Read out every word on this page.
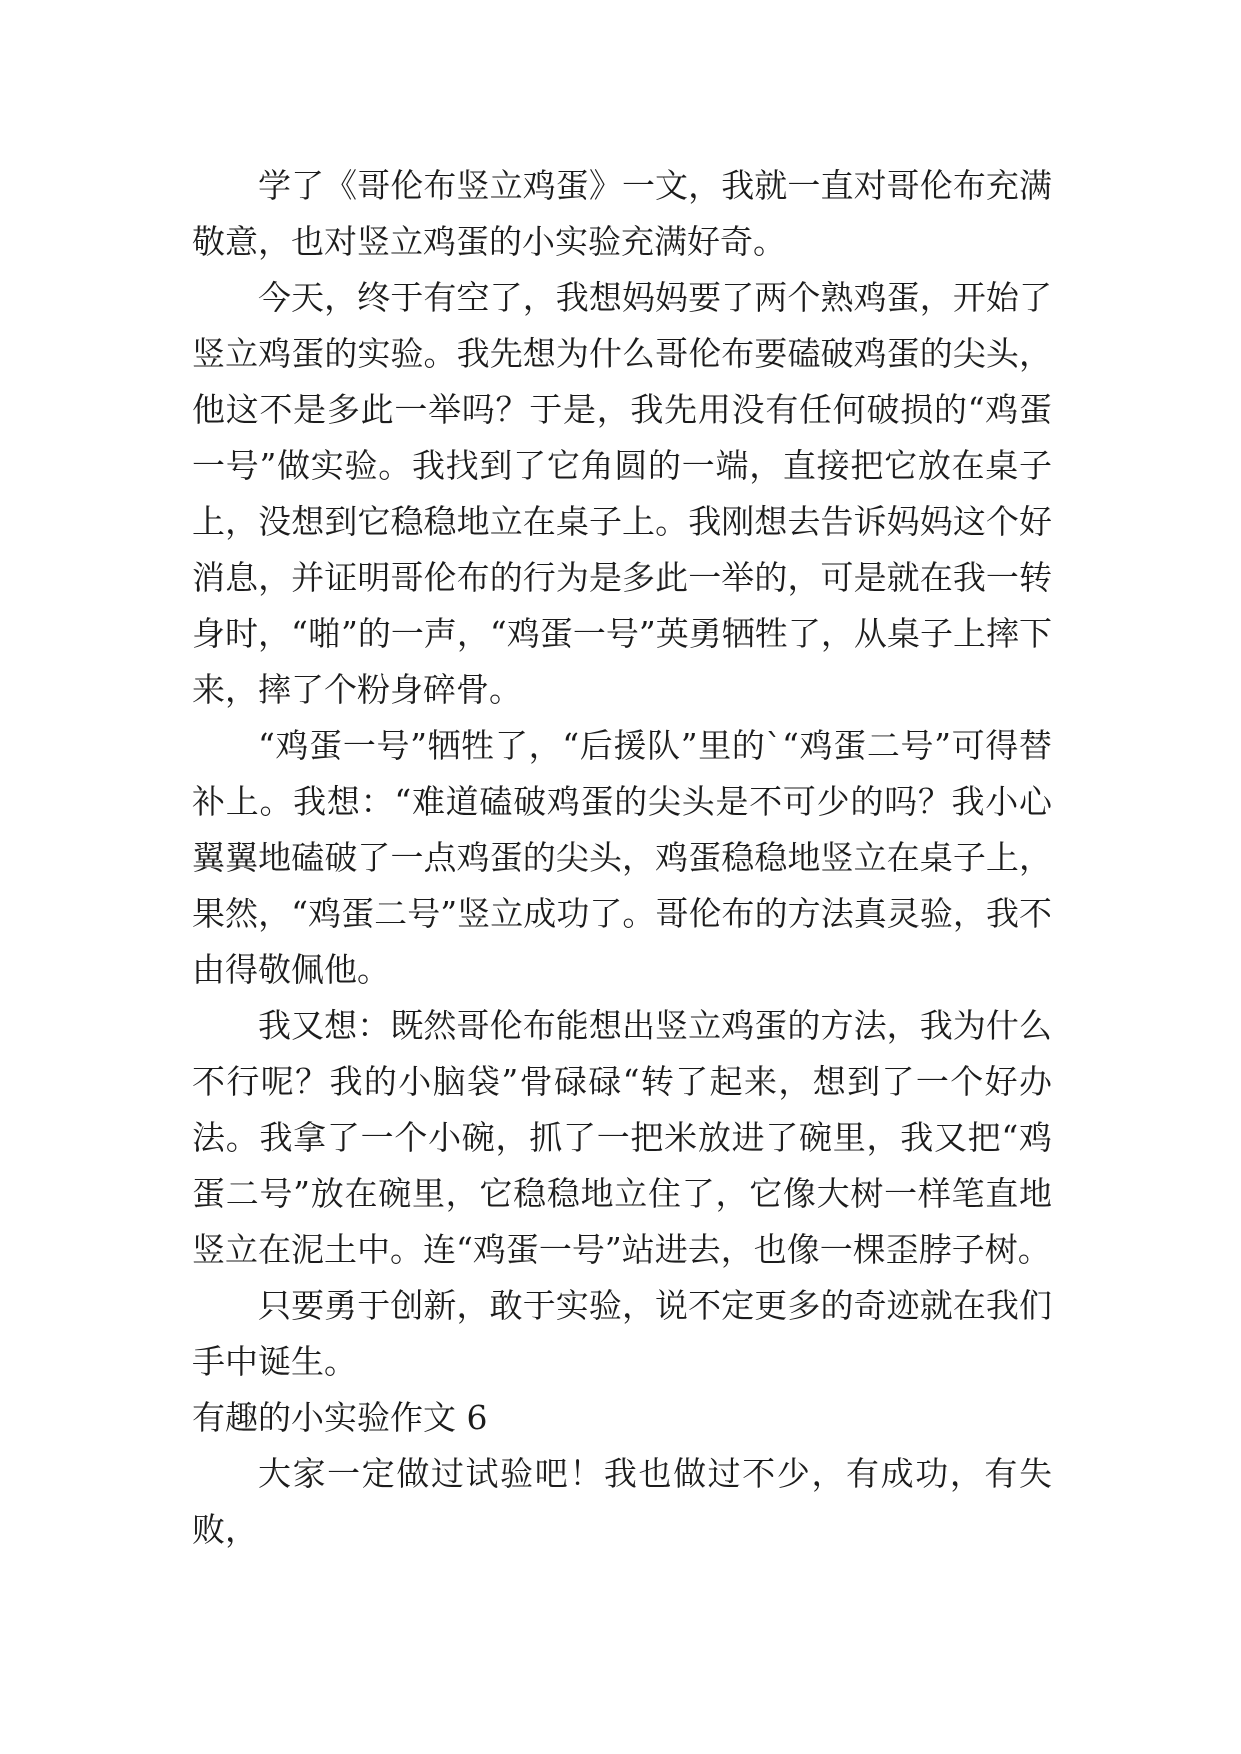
学了《哥伦布竖立鸡蛋》一文，我就一直对哥伦布充满敬意，也对竖立鸡蛋的小实验充满好奇。

今天，终于有空了，我想妈妈要了两个熟鸡蛋，开始了竖立鸡蛋的实验。我先想为什么哥伦布要磕破鸡蛋的尖头，他这不是多此一举吗？于是，我先用没有任何破损的“鸡蛋一号”做实验。我找到了它角圆的一端，直接把它放在桌子上，没想到它稳稳地立在桌子上。我刚想去告诉妈妈这个好消息，并证明哥伦布的行为是多此一举的，可是就在我一转身时，“啪”的一声，“鸡蛋一号”英勇牺牲了，从桌子上摔下来，摔了个粉身碎骨。

“鸡蛋一号”牺牲了，“后援队”里的`“鸡蛋二号”可得替补上。我想：“难道磕破鸡蛋的尖头是不可少的吗？我小心翼翼地磕破了一点鸡蛋的尖头，鸡蛋稳稳地竖立在桌子上，果然，“鸡蛋二号”竖立成功了。哥伦布的方法真灵验，我不由得敬佩他。

我又想：既然哥伦布能想出竖立鸡蛋的方法，我为什么不行呢？我的小脑袋”骨碌碌“转了起来，想到了一个好办法。我拿了一个小碗，抓了一把米放进了碗里，我又把“鸡蛋二号”放在碗里，它稳稳地立住了，它像大树一样笔直地竖立在泥土中。连“鸡蛋一号”站进去，也像一棵歪脖子树。

只要勇于创新，敢于实验，说不定更多的奇迹就在我们手中诞生。

有趣的小实验作文 6

大家一定做过试验吧！我也做过不少，有成功，有失败，
